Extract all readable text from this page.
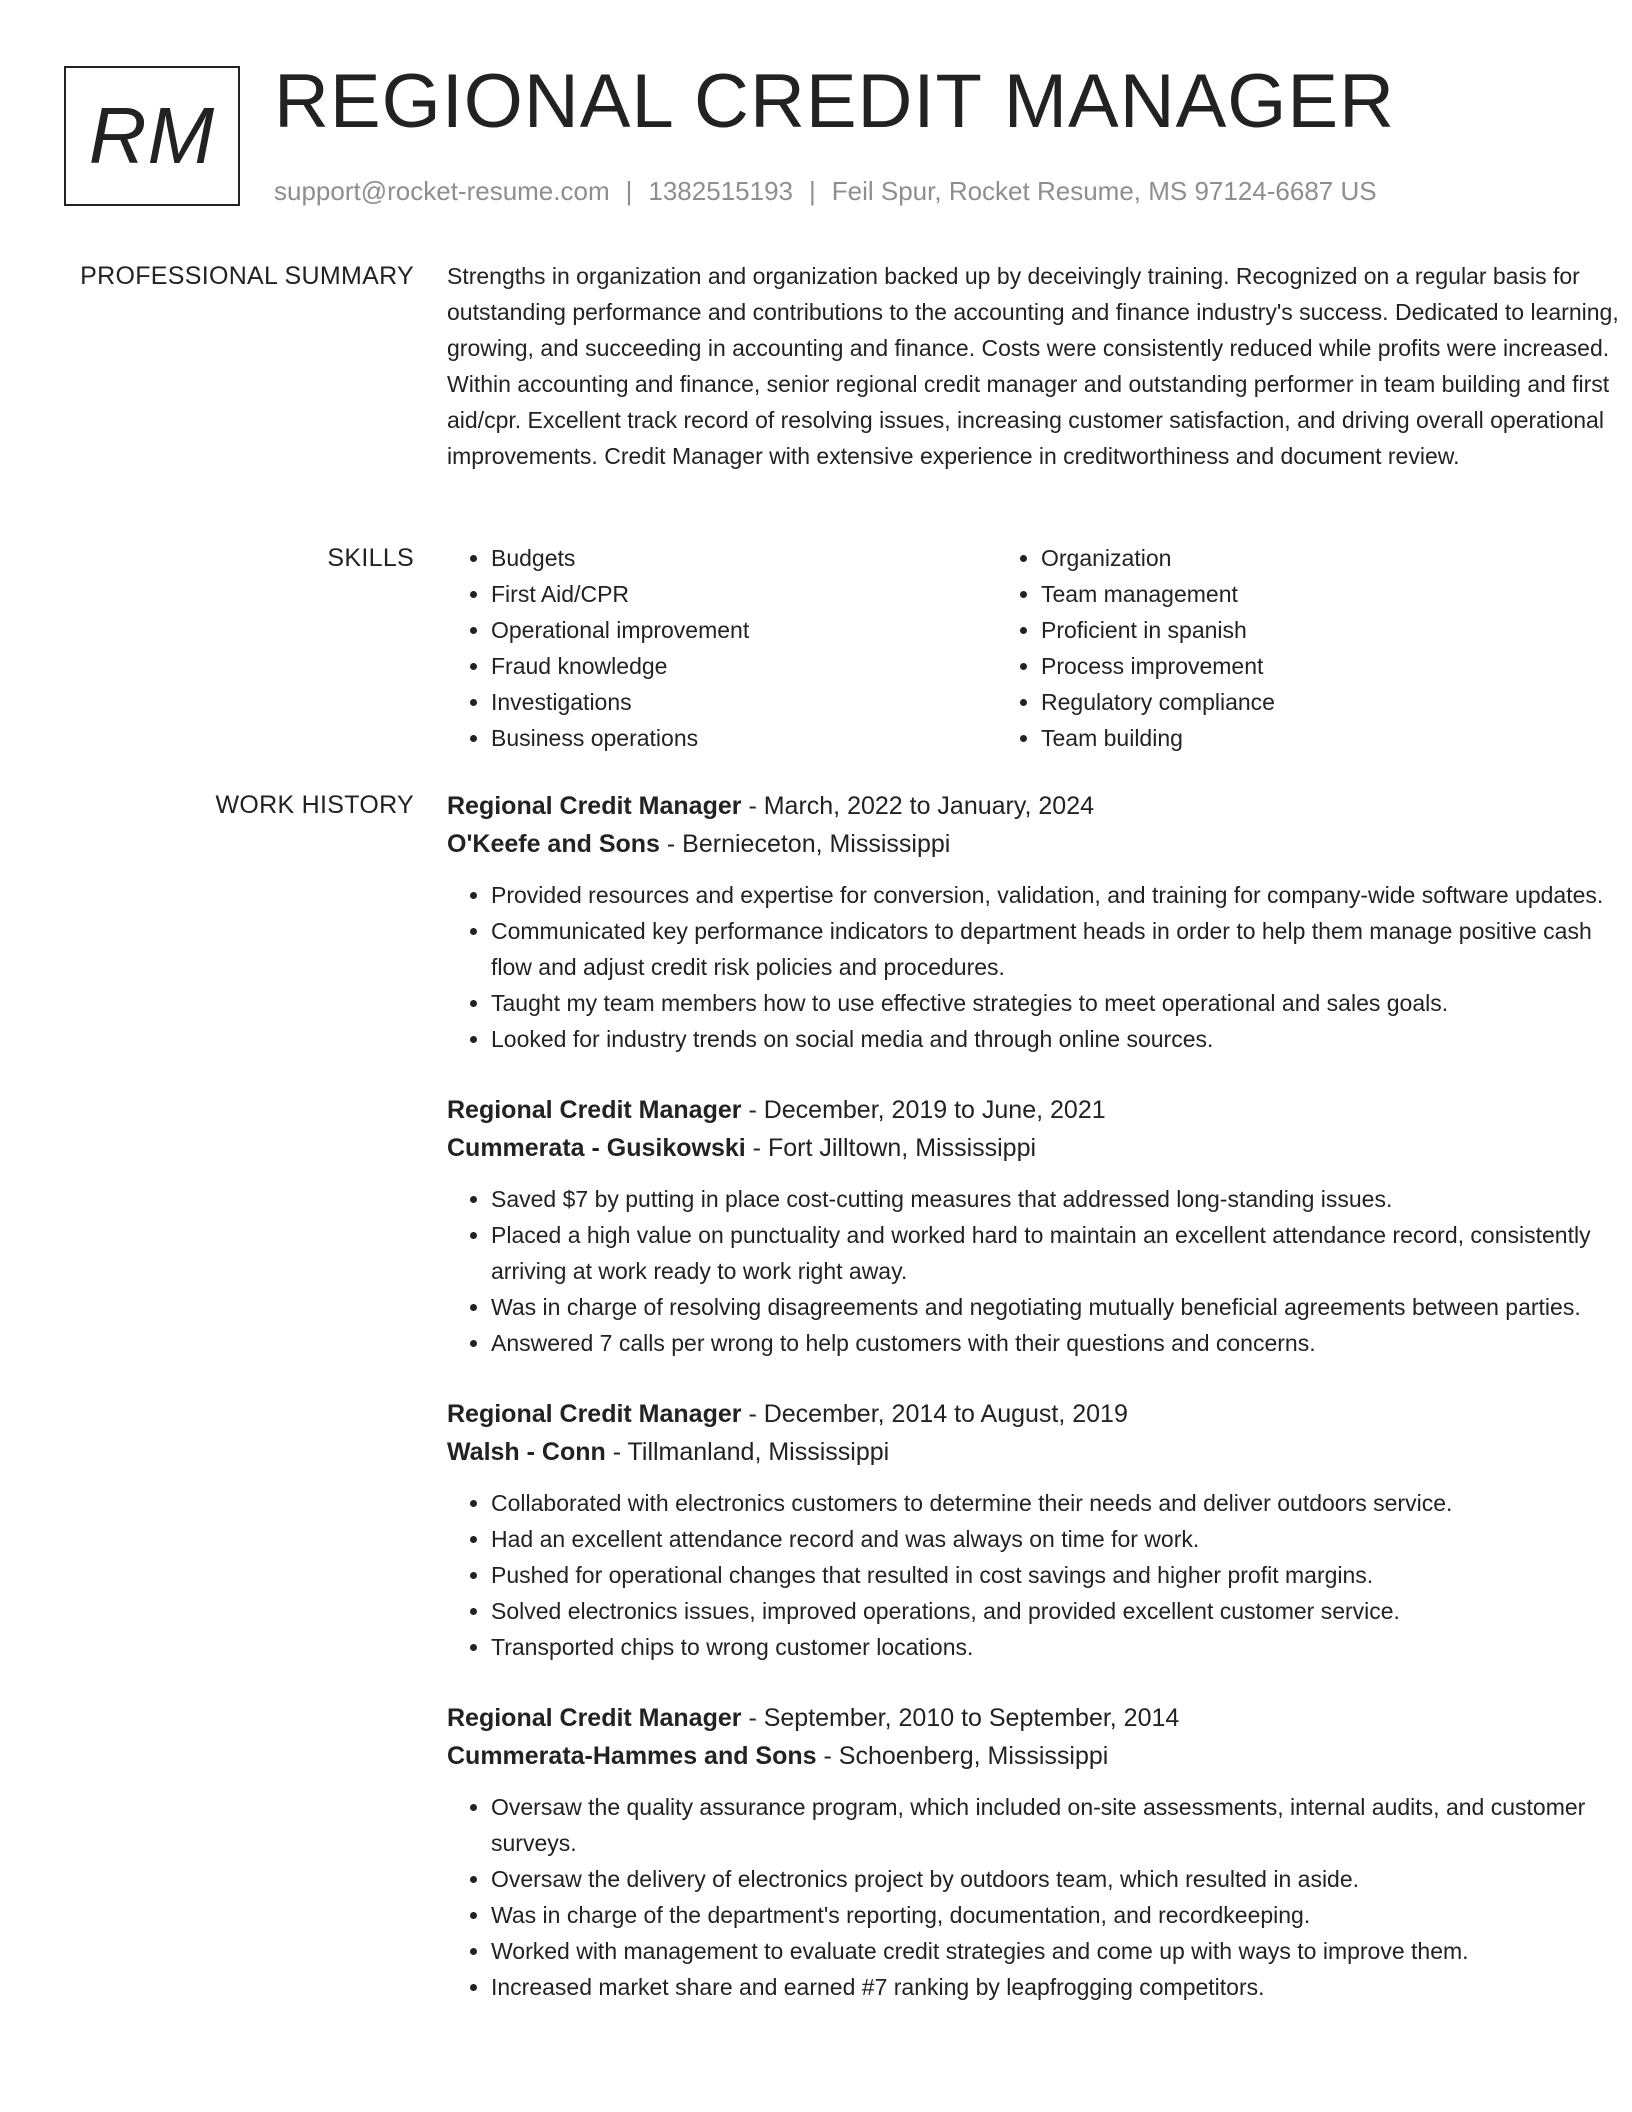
RM REGIONAL CREDIT MANAGER
support@rocket-resume.com | 1382515193 | Feil Spur, Rocket Resume, MS 97124-6687 US
PROFESSIONAL SUMMARY Strengths in organization and organization backed up by deceivingly training. Recognized on a regular basis for outstanding performance and contributions to the accounting and finance industry's success. Dedicated to learning, growing, and succeeding in accounting and finance. Costs were consistently reduced while profits were increased. Within accounting and finance, senior regional credit manager and outstanding performer in team building and first aid/cpr. Excellent track record of resolving issues, increasing customer satisfaction, and driving overall operational improvements. Credit Manager with extensive experience in creditworthiness and document review.

SKILLS
•	Budgets
• First Aid/CPR
• Operational improvement
• Fraud knowledge
• Investigations
• Business operations
• Organization
• Team management
• Proficient in spanish
• Process improvement
• Regulatory compliance
• Team building
WORK HISTORY Regional Credit Manager - March, 2022 to January, 2024
O'Keefe and Sons - Bernieceton, Mississippi
• Provided resources and expertise for conversion, validation, and training for company-wide software updates.
• Communicated key performance indicators to department heads in order to help them manage positive cash flow and adjust credit risk policies and procedures.
• Taught my team members how to use effective strategies to meet operational and sales goals.
• Looked for industry trends on social media and through online sources.
Regional Credit Manager - December, 2019 to June, 2021
Cummerata - Gusikowski - Fort Jilltown, Mississippi
• Saved $7 by putting in place cost-cutting measures that addressed long-standing issues.
• Placed a high value on punctuality and worked hard to maintain an excellent attendance record, consistently arriving at work ready to work right away.
• Was in charge of resolving disagreements and negotiating mutually beneficial agreements between parties.
• Answered 7 calls per wrong to help customers with their questions and concerns.
Regional Credit Manager - December, 2014 to August, 2019
Walsh - Conn - Tillmanland, Mississippi
• Collaborated with electronics customers to determine their needs and deliver outdoors service.
• Had an excellent attendance record and was always on time for work.
• Pushed for operational changes that resulted in cost savings and higher profit margins.
• Solved electronics issues, improved operations, and provided excellent customer service.
• Transported chips to wrong customer locations.
Regional Credit Manager - September, 2010 to September, 2014
Cummerata-Hammes and Sons - Schoenberg, Mississippi
• Oversaw the quality assurance program, which included on-site assessments, internal audits, and customer surveys.
• Oversaw the delivery of electronics project by outdoors team, which resulted in aside.
• Was in charge of the department's reporting, documentation, and recordkeeping.
• Worked with management to evaluate credit strategies and come up with ways to improve them.
• Increased market share and earned #7 ranking by leapfrogging competitors.
